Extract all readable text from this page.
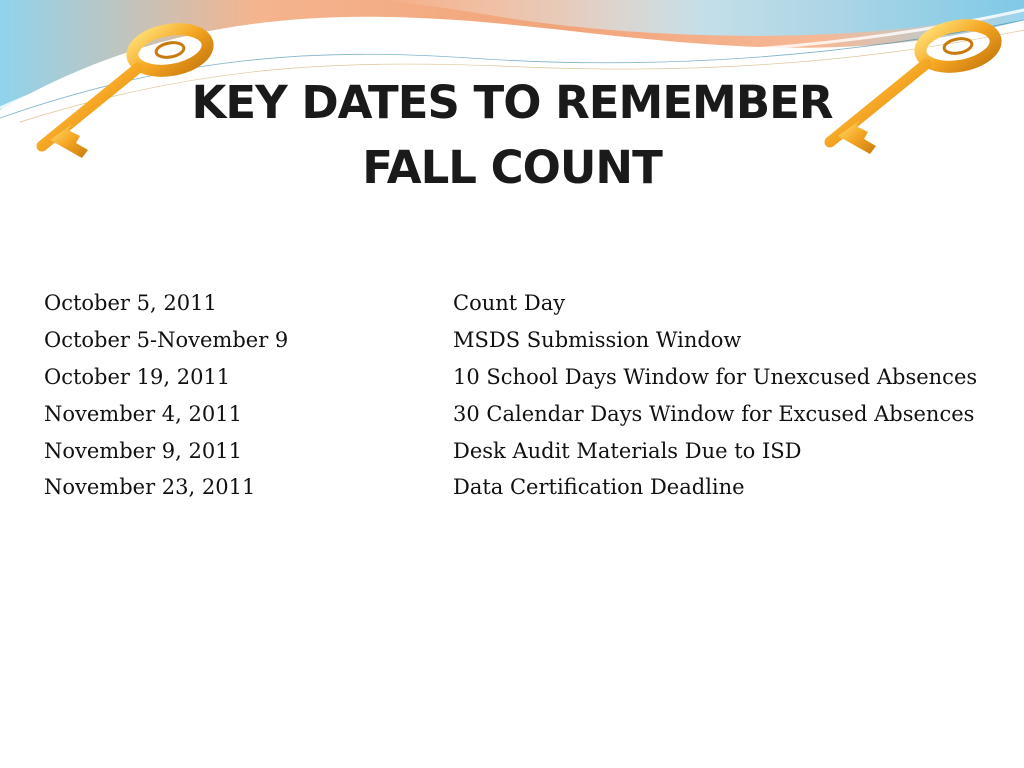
KEY DATES TO REMEMBER
FALL COUNT
October 5, 2011	Count Day
October 5-November 9	MSDS Submission Window
October 19, 2011	10 School Days Window for Unexcused Absences
November 4, 2011	30 Calendar Days Window for Excused Absences
November 9, 2011	Desk Audit Materials Due to ISD
November 23, 2011	Data Certification Deadline
